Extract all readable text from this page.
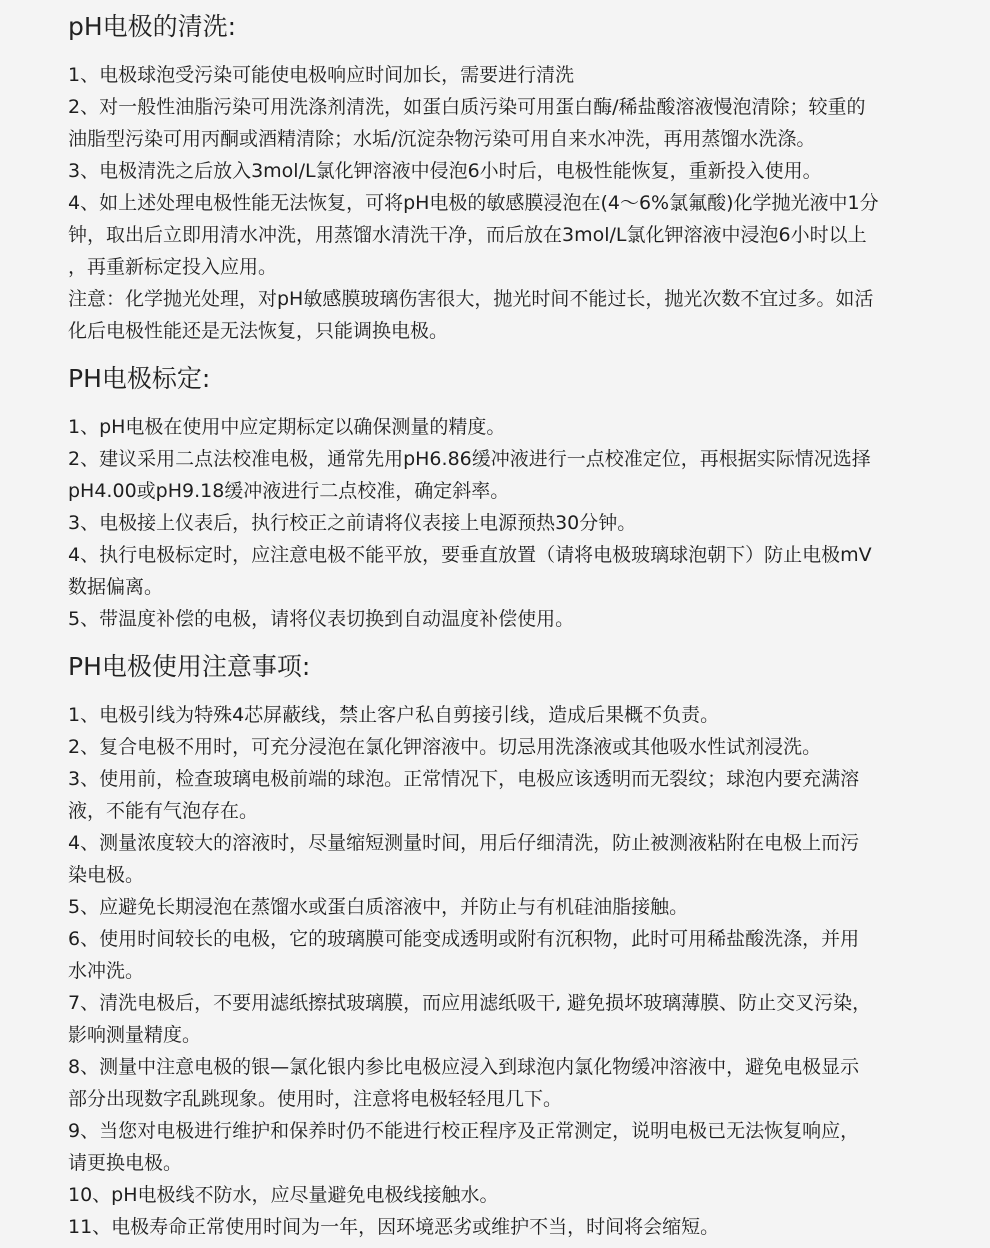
pH电极的清洗:
1、电极球泡受污染可能使电极响应时间加长，需要进行清洗
2、对一般性油脂污染可用洗涤剂清洗，如蛋白质污染可用蛋白酶/稀盐酸溶液慢泡清除；较重的
油脂型污染可用丙酮或酒精清除；水垢/沉淀杂物污染可用自来水冲洗，再用蒸馏水洗涤。
3、电极清洗之后放入3mol/L氯化钾溶液中侵泡6小时后，电极性能恢复，重新投入使用。
4、如上述处理电极性能无法恢复，可将pH电极的敏感膜浸泡在(4～6%氯氟酸)化学抛光液中1分
钟，取出后立即用清水冲洗，用蒸馏水清洗干净，而后放在3mol/L氯化钾溶液中浸泡6小时以上
，再重新标定投入应用。
注意：化学抛光处理，对pH敏感膜玻璃伤害很大，抛光时间不能过长，抛光次数不宜过多。如活
化后电极性能还是无法恢复，只能调换电极。
PH电极标定:
1、pH电极在使用中应定期标定以确保测量的精度。
2、建议采用二点法校准电极，通常先用pH6.86缓冲液进行一点校准定位，再根据实际情况选择
pH4.00或pH9.18缓冲液进行二点校准，确定斜率。
3、电极接上仪表后，执行校正之前请将仪表接上电源预热30分钟。
4、执行电极标定时，应注意电极不能平放，要垂直放置（请将电极玻璃球泡朝下）防止电极mV
数据偏离。
5、带温度补偿的电极，请将仪表切换到自动温度补偿使用。
PH电极使用注意事项:
1、电极引线为特殊4芯屏蔽线，禁止客户私自剪接引线，造成后果概不负责。
2、复合电极不用时，可充分浸泡在氯化钾溶液中。切忌用洗涤液或其他吸水性试剂浸洗。
3、使用前，检查玻璃电极前端的球泡。正常情况下，电极应该透明而无裂纹；球泡内要充满溶
液，不能有气泡存在。
4、测量浓度较大的溶液时，尽量缩短测量时间，用后仔细清洗，防止被测液粘附在电极上而污
染电极。
5、应避免长期浸泡在蒸馏水或蛋白质溶液中，并防止与有机硅油脂接触。
6、使用时间较长的电极，它的玻璃膜可能变成透明或附有沉积物，此时可用稀盐酸洗涤，并用
水冲洗。
7、清洗电极后，不要用滤纸擦拭玻璃膜，而应用滤纸吸干, 避免损坏玻璃薄膜、防止交叉污染，
影响测量精度。
8、测量中注意电极的银—氯化银内参比电极应浸入到球泡内氯化物缓冲溶液中，避免电极显示
部分出现数字乱跳现象。使用时，注意将电极轻轻甩几下。
9、当您对电极进行维护和保养时仍不能进行校正程序及正常测定，说明电极已无法恢复响应，
请更换电极。
10、pH电极线不防水，应尽量避免电极线接触水。
11、电极寿命正常使用时间为一年，因环境恶劣或维护不当，时间将会缩短。
